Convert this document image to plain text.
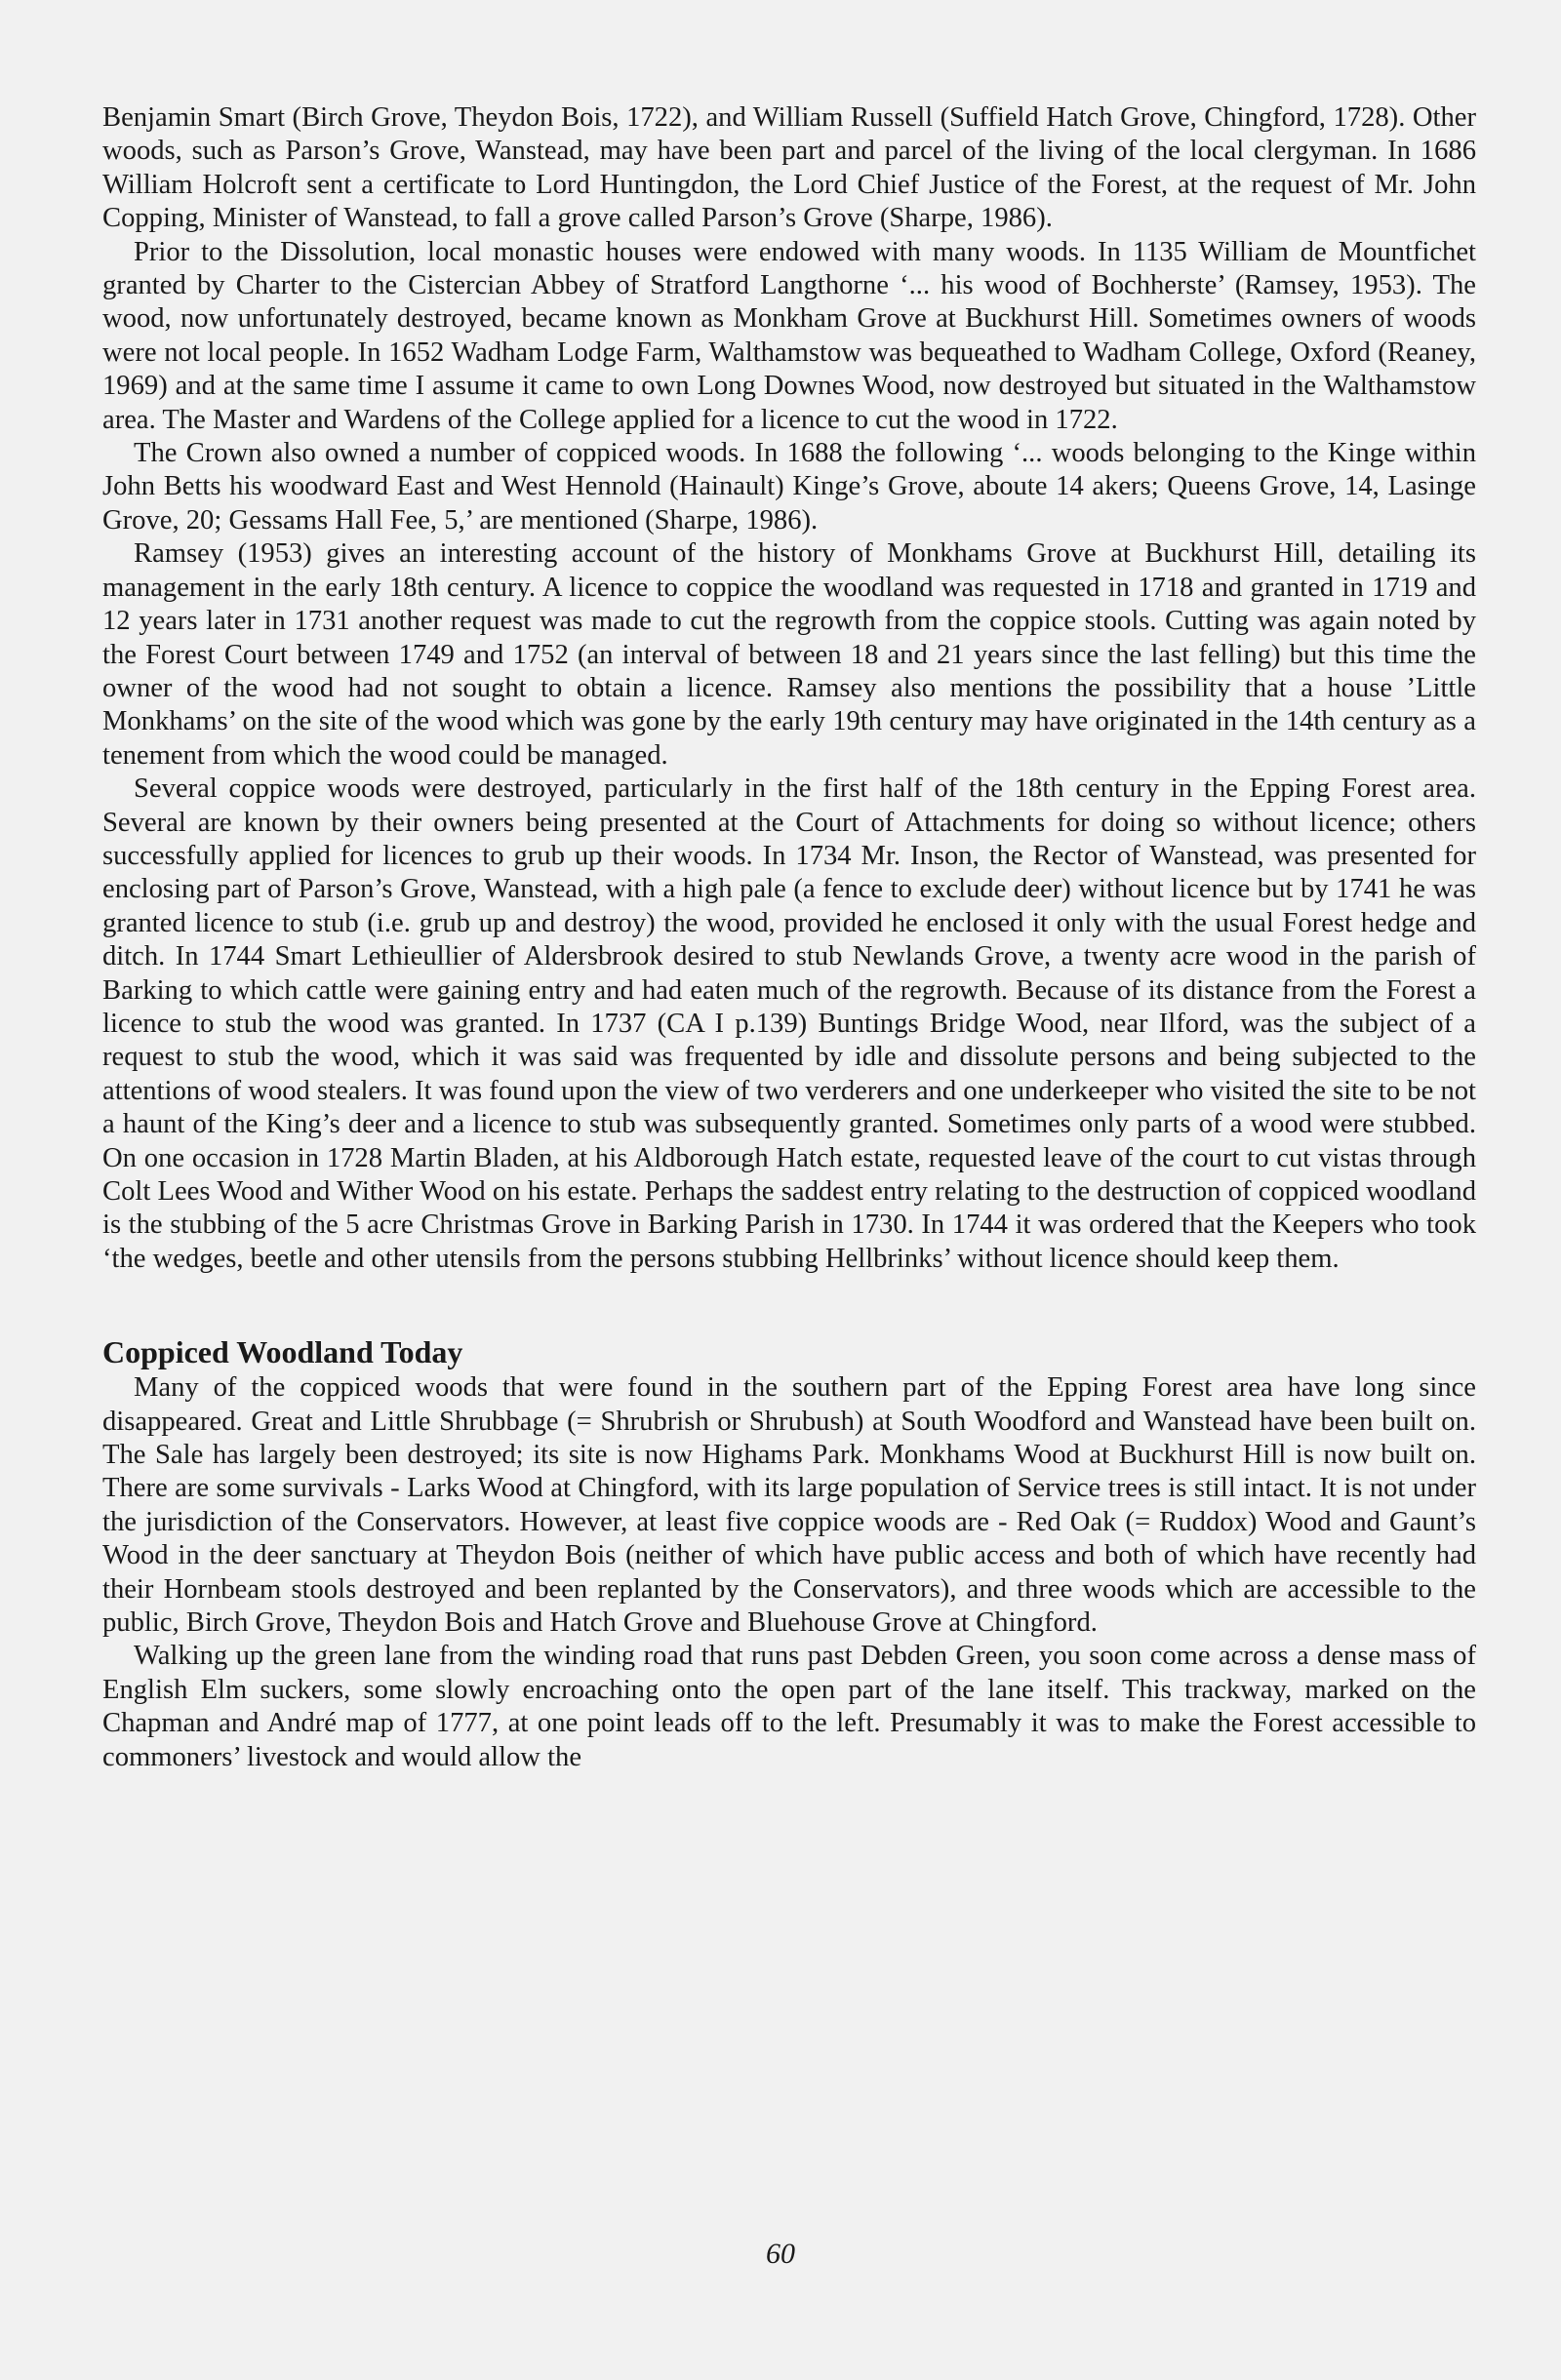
Benjamin Smart (Birch Grove, Theydon Bois, 1722), and William Russell (Suffield Hatch Grove, Chingford, 1728). Other woods, such as Parson’s Grove, Wanstead, may have been part and parcel of the living of the local clergyman. In 1686 William Holcroft sent a certificate to Lord Huntingdon, the Lord Chief Justice of the Forest, at the request of Mr. John Copping, Minister of Wanstead, to fall a grove called Parson’s Grove (Sharpe, 1986).

Prior to the Dissolution, local monastic houses were endowed with many woods. In 1135 William de Mountfichet granted by Charter to the Cistercian Abbey of Stratford Langthorne ‘... his wood of Bochherste’ (Ramsey, 1953). The wood, now unfortunately destroyed, became known as Monkham Grove at Buckhurst Hill. Sometimes owners of woods were not local people. In 1652 Wadham Lodge Farm, Walthamstow was bequeathed to Wadham College, Oxford (Reaney, 1969) and at the same time I assume it came to own Long Downes Wood, now destroyed but situated in the Walthamstow area. The Master and Wardens of the College applied for a licence to cut the wood in 1722.

The Crown also owned a number of coppiced woods. In 1688 the following ‘... woods belonging to the Kinge within John Betts his woodward East and West Hennold (Hainault) Kinge’s Grove, aboute 14 akers; Queens Grove, 14, Lasinge Grove, 20; Gessams Hall Fee, 5,’ are mentioned (Sharpe, 1986).

Ramsey (1953) gives an interesting account of the history of Monkhams Grove at Buckhurst Hill, detailing its management in the early 18th century. A licence to coppice the woodland was requested in 1718 and granted in 1719 and 12 years later in 1731 another request was made to cut the regrowth from the coppice stools. Cutting was again noted by the Forest Court between 1749 and 1752 (an interval of between 18 and 21 years since the last felling) but this time the owner of the wood had not sought to obtain a licence. Ramsey also mentions the possibility that a house ’Little Monkhams’ on the site of the wood which was gone by the early 19th century may have originated in the 14th century as a tenement from which the wood could be managed.

Several coppice woods were destroyed, particularly in the first half of the 18th century in the Epping Forest area. Several are known by their owners being presented at the Court of Attachments for doing so without licence; others successfully applied for licences to grub up their woods. In 1734 Mr. Inson, the Rector of Wanstead, was presented for enclosing part of Parson’s Grove, Wanstead, with a high pale (a fence to exclude deer) without licence but by 1741 he was granted licence to stub (i.e. grub up and destroy) the wood, provided he enclosed it only with the usual Forest hedge and ditch. In 1744 Smart Lethieullier of Aldersbrook desired to stub Newlands Grove, a twenty acre wood in the parish of Barking to which cattle were gaining entry and had eaten much of the regrowth. Because of its distance from the Forest a licence to stub the wood was granted. In 1737 (CA I p.139) Buntings Bridge Wood, near Ilford, was the subject of a request to stub the wood, which it was said was frequented by idle and dissolute persons and being subjected to the attentions of wood stealers. It was found upon the view of two verderers and one underkeeper who visited the site to be not a haunt of the King’s deer and a licence to stub was subsequently granted. Sometimes only parts of a wood were stubbed. On one occasion in 1728 Martin Bladen, at his Aldborough Hatch estate, requested leave of the court to cut vistas through Colt Lees Wood and Wither Wood on his estate. Perhaps the saddest entry relating to the destruction of coppiced woodland is the stubbing of the 5 acre Christmas Grove in Barking Parish in 1730. In 1744 it was ordered that the Keepers who took ‘the wedges, beetle and other utensils from the persons stubbing Hellbrinks’ without licence should keep them.

Coppiced Woodland Today

Many of the coppiced woods that were found in the southern part of the Epping Forest area have long since disappeared. Great and Little Shrubbage (= Shrubrish or Shrubush) at South Woodford and Wanstead have been built on. The Sale has largely been destroyed; its site is now Highams Park. Monkhams Wood at Buckhurst Hill is now built on. There are some survivals - Larks Wood at Chingford, with its large population of Service trees is still intact. It is not under the jurisdiction of the Conservators. However, at least five coppice woods are - Red Oak (= Ruddox) Wood and Gaunt’s Wood in the deer sanctuary at Theydon Bois (neither of which have public access and both of which have recently had their Hornbeam stools destroyed and been replanted by the Conservators), and three woods which are accessible to the public, Birch Grove, Theydon Bois and Hatch Grove and Bluehouse Grove at Chingford.

Walking up the green lane from the winding road that runs past Debden Green, you soon come across a dense mass of English Elm suckers, some slowly encroaching onto the open part of the lane itself. This trackway, marked on the Chapman and André map of 1777, at one point leads off to the left. Presumably it was to make the Forest accessible to commoners’ livestock and would allow the

60
